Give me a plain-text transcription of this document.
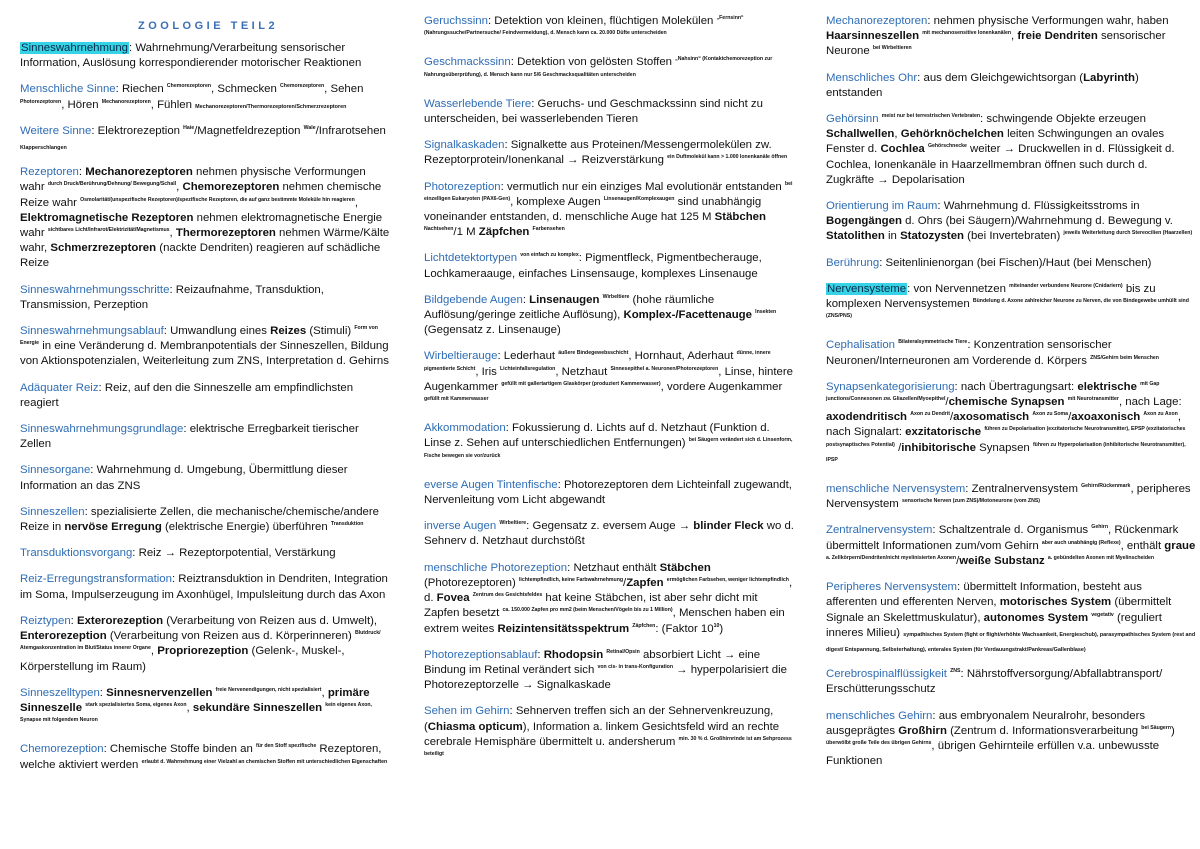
ZOOLOGIE TEIL2
Sinneswahrnehmung: Wahrnehmung/Verarbeitung sensorischer Information, Auslösung korrespondierender motorischer Reaktionen
Menschliche Sinne: Riechen $^{Chemorezeptoren}$, Schmecken $^{Chemorezeptoren}$, Sehen $^{Photorezeptoren}$, Hören $^{Mechanorezeptoren}$, Fühlen Mechanorezeptoren/Thermorezeptoren/Schmerzrezeptoren
Weitere Sinne: Elektrorezeption $^{Haie}$/Magnetfeldrezeption $^{Wale}$/Infrarotsehen Klapperschlangen
Rezeptoren: Mechanorezeptoren nehmen physische Verformungen wahr $^{durch Druck/Berührung/Dehnung/ Bewegung/Schall}$, Chemorezeptoren nehmen chemische Reize wahr $^{Osmolarität/(unspezifische Rezeptoren)/spezifische Rezeptoren, die auf ganz bestimmte Moleküle hin reagieren}$, Elektromagnetische Rezeptoren nehmen elektromagnetische Energie wahr $^{sichtbares Licht/Infrarot/Elektrizität/Magnetismus}$, Thermorezeptoren nehmen Wärme/Kälte wahr, Schmerzrezeptoren (nackte Dendriten) reagieren auf schädliche Reize
Sinneswahrnehmungsschritte: Reizaufnahme, Transduktion, Transmission, Perzeption
Sinneswahrnehmungsablauf: Umwandlung eines Reizes (Stimuli) $^{Form von Energie}$ in eine Veränderung d. Membranpotentials der Sinneszellen, Bildung von Aktionspotenzialen, Weiterleitung zum ZNS, Interpretation d. Gehirns
Adäquater Reiz: Reiz, auf den die Sinneszelle am empfindlichsten reagiert
Sinneswahrnehmungsgrundlage: elektrische Erregbarkeit tierischer Zellen
Sinnesorgane: Wahrnehmung d. Umgebung, Übermittlung dieser Information an das ZNS
Sinneszellen: spezialisierte Zellen, die mechanische/chemische/andere Reize in nervöse Erregung (elektrische Energie) überführen $^{Transduktion}$
Transduktionsvorgang: Reiz → Rezeptorpotential, Verstärkung
Reiz-Erregungstransformation: Reiztransduktion in Dendriten, Integration im Soma, Impulserzeugung im Axonhügel, Impulsleitung durch das Axon
Reiztypen: Exterorezeption (Verarbeitung von Reizen aus d. Umwelt), Enterorezeption (Verarbeitung von Reizen aus d. Körperinneren) $^{Blutdruck/ Atemgaskonzentration im Blut/Status innerer Organe}$, Propriorezeption (Gelenk-, Muskel-, Körperstellung im Raum)
Sinneszelltypen: Sinnesnervenzellen $^{freie Nervenendigungen, nicht spezialisiert}$, primäre Sinneszelle $^{stark spezialisiertes Soma, eigenes Axon}$, sekundäre Sinneszellen $^{kein eigenes Axon, Synapse mit folgendem Neuron}$
Chemorezeption: Chemische Stoffe binden an $^{für den Stoff spezifische}$ Rezeptoren, welche aktiviert werden $^{erlaubt d. Wahrnehmung einer Vielzahl an chemischen Stoffen mit unterschiedlichen Eigenschaften}$
Geruchssinn: Detektion von kleinen, flüchtigen Molekülen $^{„Fernsinn“ (Nahrungssuche/Partnersuche/ Feindvermeidung), d. Mensch kann ca. 20.000 Düfte unterscheiden}$
Geschmackssinn: Detektion von gelösten Stoffen $^{„Nahsinn“ (Kontaktchemorezeption zur Nahrungsüberprüfung), d. Mensch kann nur 5/6 Geschmacksqualitäten unterscheiden}$
Wasserlebende Tiere: Geruchs- und Geschmackssinn sind nicht zu unterscheiden, bei wasserlebenden Tieren
Signalkaskaden: Signalkette aus Proteinen/Messengermolekülen zw. Rezeptorprotein/Ionenkanal → Reizverstärkung $^{ein Duftmolekül kann > 1.000 Ionenkanäle öffnen}$
Photorezeption: vermutlich nur ein einziges Mal evolutionär entstanden $^{bei einzelligen Eukaryoten (PAX6-Gen)}$, komplexe Augen $^{Linsenaugen/Komplexaugen}$ sind unabhängig voneinander entstanden, d. menschliche Auge hat 125 M Stäbchen $^{Nachtsehen}$/1 M Zäpfchen $^{Farbensehen}$
Lichtdetektortypen $^{von einfach zu komplex}$: Pigmentfleck, Pigmentbecherauge, Lochkameraauge, einfaches Linsensauge, komplexes Linsenauge
Bildgebende Augen: Linsenaugen $^{Wirbeltiere}$ (hohe räumliche Auflösung/geringe zeitliche Auflösung), Komplex-/Facettenauge $^{Insekten}$ (Gegensatz z. Linsenauge)
Wirbeltierauge: Lederhaut $^{äußere Bindegewebsschicht}$, Hornhaut, Aderhaut $^{dünne, innere pigmentierte Schicht}$, Iris $^{Lichteinfallsregulation}$, Netzhaut $^{Sinnesepithel a. Neuronen/Photorezeptoren}$, Linse, hintere Augenkammer $^{gefüllt mit gallertartigem Glaskörper (produziert Kammerwasser)}$, vordere Augenkammer $^{gefüllt mit Kammerwasser}$
Akkommodation: Fokussierung d. Lichts auf d. Netzhaut (Funktion d. Linse z. Sehen auf unterschiedlichen Entfernungen) $^{bei Säugern verändert sich d. Linsenform, Fische bewegen sie vor/zurück}$
everse Augen Tintenfische: Photorezeptoren dem Lichteinfall zugewandt, Nervenleitung vom Licht abgewandt
inverse Augen $^{Wirbeltiere}$: Gegensatz z. eversem Auge → blinder Fleck wo d. Sehnerv d. Netzhaut durchstößt
menschliche Photorezeption: Netzhaut enthält Stäbchen (Photorezeptoren) $^{lichtempfindlich, keine Farbwahrnehmung}$/Zapfen $^{ermöglichen Farbsehen, weniger lichtempfindlich}$, d. Fovea $^{Zentrum des Gesichtsfeldes}$ hat keine Stäbchen, ist aber sehr dicht mit Zapfen besetzt $^{ca. 150.000 Zapfen pro mm2 (beim Menschen/Vögeln bis zu 1 Million)}$, Menschen haben ein extrem weites Reizintensitätsspektrum $^{Zäpfchen}$: (Faktor $10^{10}$)
Photorezeptionsablauf: Rhodopsin $^{Retinal/Opsin}$ absorbiert Licht → eine Bindung im Retinal verändert sich $^{von cis- in trans-Konfiguration}$ → hyperpolarisiert die Photorezeptorzelle → Signalkaskade
Sehen im Gehirn: Sehnerven treffen sich an der Sehnervenkreuzung, (Chiasma opticum), Information a. linkem Gesichtsfeld wird an rechte cerebrale Hemisphäre übermittelt u. andersherum $^{min. 30 \% d. Großhirnrinde ist am Sehprozess beteiligt}$
Mechanorezeptoren: nehmen physische Verformungen wahr, haben Haarsinneszellen $^{mit mechanosensitive Ionenkanälen}$, freie Dendriten sensorischer Neurone $^{bei Wirbeltieren}$
Menschliches Ohr: aus dem Gleichgewichtsorgan (Labyrinth) entstanden
Gehörsinn $^{meist nur bei terrestrischen Vertebraten}$: schwingende Objekte erzeugen Schallwellen, Gehörknöchelchen leiten Schwingungen an ovales Fenster d. Cochlea $^{Gehörschnecke}$ weiter → Druckwellen in d. Flüssigkeit d. Cochlea, Ionenkanäle in Haarzellmembran öffnen such durch d. Zugkräfte → Depolarisation
Orientierung im Raum: Wahrnehmung d. Flüssigkeitsstroms in Bogengängen d. Ohrs (bei Säugern)/Wahrnehmung d. Bewegung v. Statolithen in Statozysten (bei Invertebraten) $^{jeweils Weiterleitung durch Stereocilien (Haarzellen)}$
Berührung: Seitenlinienorgan (bei Fischen)/Haut (bei Menschen)
Nervensysteme: von Nervennetzen $^{miteinander verbundene Neurone (Cnidariern)}$ bis zu komplexen Nervensystemen $^{Bündelung d. Axone zahlreicher Neurone zu Nerven, die von Bindegewebe umhüllt sind (ZNS/PNS)}$
Cephalisation $^{Bilateralsymmetrische Tiere}$: Konzentration sensorischer Neuronen/Interneuronen am Vorderende d. Körpers $^{ZNS/Gehirn beim Menschen}$
Synapsenkategorisierung: nach Übertragungsart: elektrische $^{mit Gap junctions/Connexonen zw. Gliazellen/Myoepithel}$/chemische Synapsen $^{mit Neurotransmitter}$, nach Lage: axodendritisch $^{Axon zu Dendrit}$/axosomatisch $^{Axon zu Soma}$/axoaxonisch $^{Axon zu Axon}$, nach Signalart: exzitatorische $^{führen zu Depolarisation (exzitatorische Neurotransmitter), EPSP (exzitatorisches postsynaptisches Potential)}$ /inhibitorische Synapsen $^{führen zu Hyperpolarisation (inhibitorische Neurotransmitter), IPSP}$
menschliche Nervensystem: Zentralnervensystem $^{Gehirn/Rückenmark}$, peripheres Nervensystem $^{sensorische Nerven (zum ZNS)/Motoneurone (vom ZNS)}$
Zentralnervensystem: Schaltzentrale d. Organismus $^{Gehirn}$, Rückenmark übermittelt Informationen zum/vom Gehirn $^{aber auch unabhängig (Reflexe)}$, enthält graue $^{a. Zellkörpern/Dendriten/nicht myelinisierten Axonen}$/weiße Substanz $^{a. gebündelten Axonen mit Myelinscheiden}$
Peripheres Nervensystem: übermittelt Information, besteht aus afferenten und efferenten Nerven, motorisches System (übermittelt Signale an Skelettmuskulatur), autonomes System $^{vegetativ}$ (reguliert inneres Milieu) sympathisches System (fight or flight/erhöhte Wachsamkeit, Energieschub), parasympathisches System (rest and digest/ Entspannung, Selbsterhaltung), enterales System (für Verdauungstrakt/Pankreas/Gallenblase)
Cerebrospinalflüssigkeit $^{ZNS}$: Nährstoffversorgung/Abfallabtransport/ Erschütterungsschutz
menschliches Gehirn: aus embryonalem Neuralrohr, besonders ausgeprägtes Großhirn (Zentrum d. Informationsverarbeitung $^{bei Säugern}$) $^{überwölbt große Teile des übrigen Gehirns}$, übrigen Gehirnteile erfüllen v.a. unbewusste Funktionen
